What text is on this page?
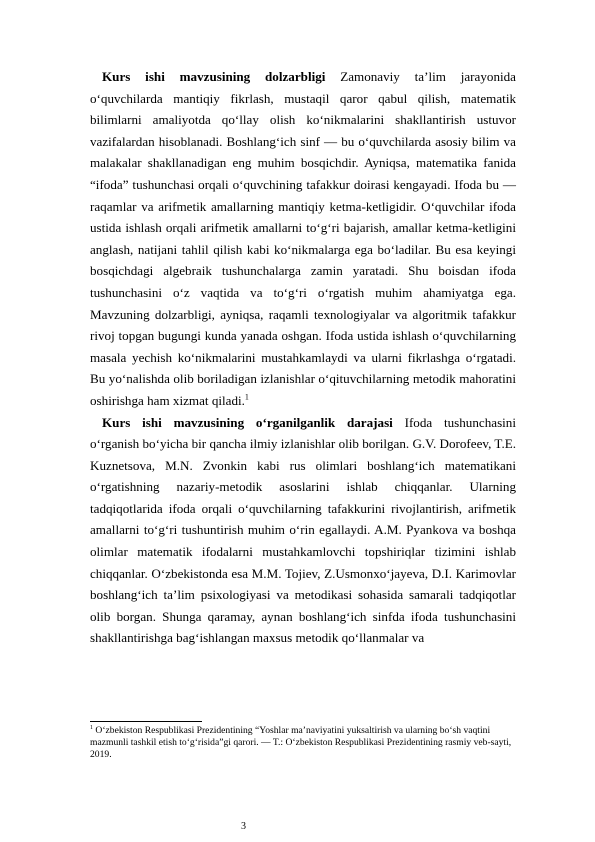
Kurs ishi mavzusining dolzarbligi Zamonaviy ta’lim jarayonida o‘quvchilarda mantiqiy fikrlash, mustaqil qaror qabul qilish, matematik bilimlarni amaliyotda qo‘llay olish ko‘nikmalarini shakllantirish ustuvor vazifalardan hisoblanadi. Boshlang‘ich sinf — bu o‘quvchilarda asosiy bilim va malakalar shakllanadigan eng muhim bosqichdir. Ayniqsa, matematika fanida “ifoda” tushunchasi orqali o‘quvchining tafakkur doirasi kengayadi. Ifoda bu — raqamlar va arifmetik amallarning mantiqiy ketma-ketligidir. O‘quvchilar ifoda ustida ishlash orqali arifmetik amallarni to‘g‘ri bajarish, amallar ketma-ketligini anglash, natijani tahlil qilish kabi ko‘nikmalarga ega bo‘ladilar. Bu esa keyingi bosqichdagi algebraik tushunchalarga zamin yaratadi. Shu boisdan ifoda tushunchasini o‘z vaqtida va to‘g‘ri o‘rgatish muhim ahamiyatga ega. Mavzuning dolzarbligi, ayniqsa, raqamli texnologiyalar va algoritmik tafakkur rivoj topgan bugungi kunda yanada oshgan. Ifoda ustida ishlash o‘quvchilarning masala yechish ko‘nikmalarini mustahkamlaydi va ularni fikrlashga o‘rgatadi. Bu yo‘nalishda olib boriladigan izlanishlar o‘qituvchilarning metodik mahoratini oshirishga ham xizmat qiladi.$^1$

Kurs ishi mavzusining o‘rganilganlik darajasi Ifoda tushunchasini o‘rganish bo‘yicha bir qancha ilmiy izlanishlar olib borilgan. G.V. Dorofeev, T.E. Kuznetsova, M.N. Zvonkin kabi rus olimlari boshlang‘ich matematikani o‘rgatishning nazariy-metodik asoslarini ishlab chiqqanlar. Ularning tadqiqotlarida ifoda orqali o‘quvchilarning tafakkurini rivojlantirish, arifmetik amallarni to‘g‘ri tushuntirish muhim o‘rin egallaydi. A.M. Pyankova va boshqa olimlar matematik ifodalarni mustahkamlovchi topshiriqlar tizimini ishlab chiqqanlar. O‘zbekistonda esa M.M. Tojiev, Z.Usmonxo‘jayeva, D.I. Karimovlar boshlang‘ich ta’lim psixologiyasi va metodikasi sohasida samarali tadqiqotlar olib borgan. Shunga qaramay, aynan boshlang‘ich sinfda ifoda tushunchasini shakllantirishga bag‘ishlangan maxsus metodik qo‘llanmalar va

$^1$ O‘zbekiston Respublikasi Prezidentining “Yoshlar ma’naviyatini yuksaltirish va ularning bo‘sh vaqtini mazmunli tashkil etish to‘g‘risida”gi qarori. — T.: O‘zbekiston Respublikasi Prezidentining rasmiy veb-sayti, 2019.

3
